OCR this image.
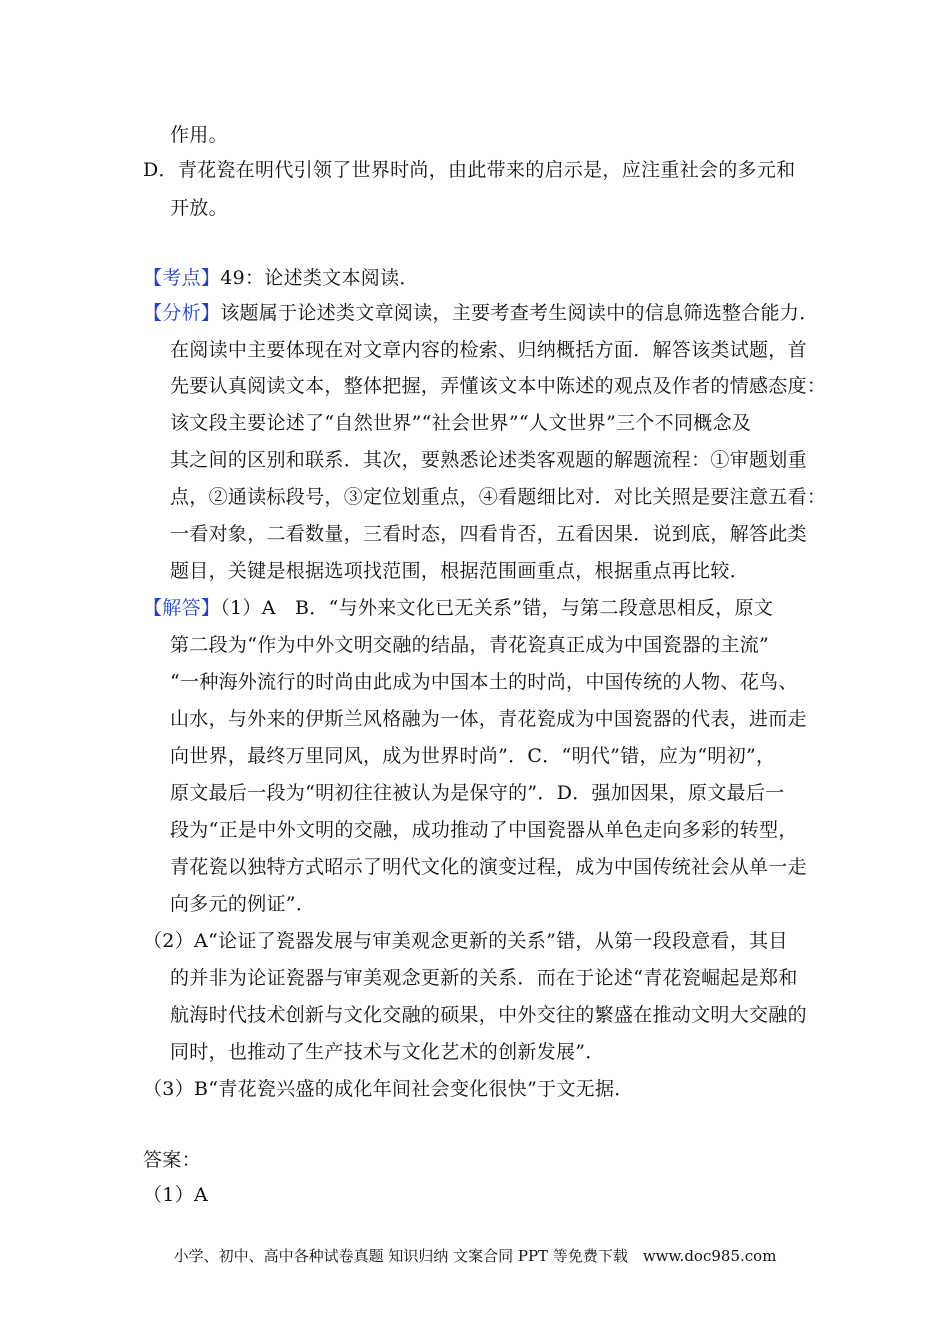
作用。
D．青花瓷在明代引领了世界时尚，由此带来的启示是，应注重社会的多元和
开放。
【考点】49：论述类文本阅读．
【分析】该题属于论述类文章阅读，主要考查考生阅读中的信息筛选整合能力．
在阅读中主要体现在对文章内容的检索、归纳概括方面．解答该类试题，首
先要认真阅读文本，整体把握，弄懂该文本中陈述的观点及作者的情感态度：
该文段主要论述了“自然世界”“社会世界”“人文世界”三个不同概念及
其之间的区别和联系．其次，要熟悉论述类客观题的解题流程：①审题划重
点，②通读标段号，③定位划重点，④看题细比对．对比关照是要注意五看：
一看对象，二看数量，三看时态，四看肯否，五看因果．说到底，解答此类
题目，关键是根据选项找范围，根据范围画重点，根据重点再比较．
【解答】（1）A　B．“与外来文化已无关系”错，与第二段意思相反，原文
第二段为“作为中外文明交融的结晶，青花瓷真正成为中国瓷器的主流”
“一种海外流行的时尚由此成为中国本土的时尚，中国传统的人物、花鸟、
山水，与外来的伊斯兰风格融为一体，青花瓷成为中国瓷器的代表，进而走
向世界，最终万里同风，成为世界时尚”．C．“明代”错，应为“明初”，
原文最后一段为“明初往往被认为是保守的”．D．强加因果，原文最后一
段为“正是中外文明的交融，成功推动了中国瓷器从单色走向多彩的转型，
青花瓷以独特方式昭示了明代文化的演变过程，成为中国传统社会从单一走
向多元的例证”．
（2）A“论证了瓷器发展与审美观念更新的关系”错，从第一段段意看，其目
的并非为论证瓷器与审美观念更新的关系．而在于论述“青花瓷崛起是郑和
航海时代技术创新与文化交融的硕果，中外交往的繁盛在推动文明大交融的
同时，也推动了生产技术与文化艺术的创新发展”．
（3）B“青花瓷兴盛的成化年间社会变化很快”于文无据．
答案：
（1）A
小学、初中、高中各种试卷真题 知识归纳 文案合同 PPT 等免费下载　www.doc985.com
